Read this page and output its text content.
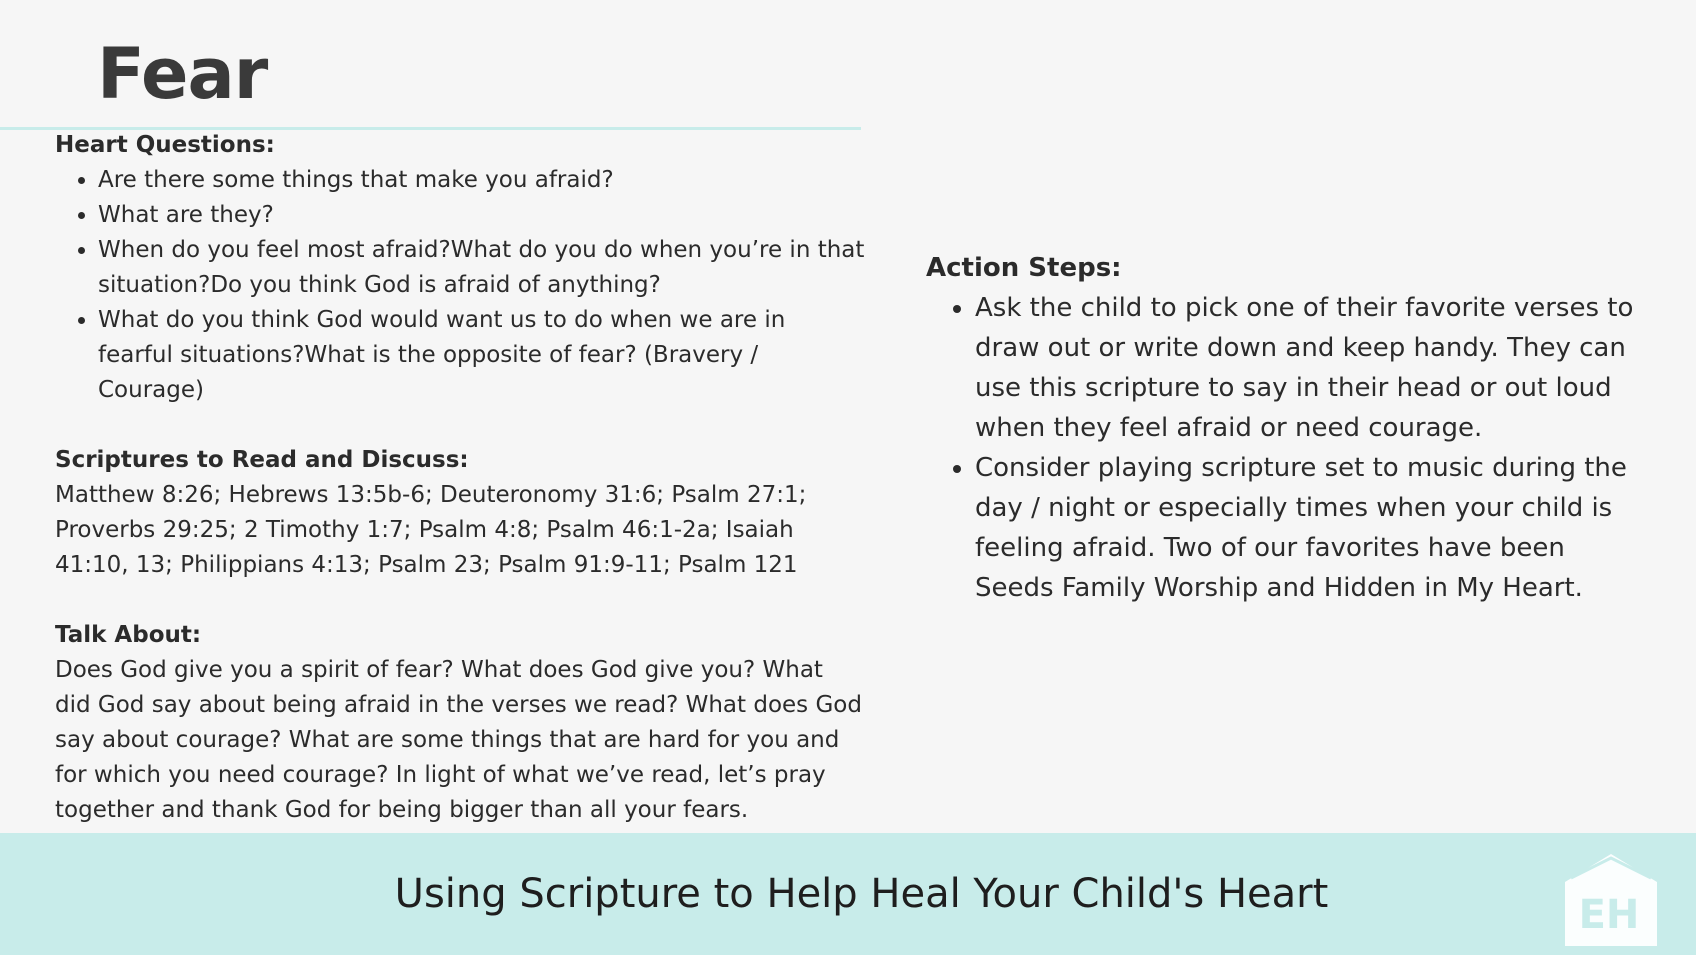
Fear

Heart Questions:

• Are there some things that make you afraid?
• What are they?
• When do you feel most afraid?What do you do when you’re in that situation?Do you think God is afraid of anything?
• What do you think God would want us to do when we are in fearful situations?What is the opposite of fear? (Bravery / Courage)

Scriptures to Read and Discuss:

Matthew 8:26; Hebrews 13:5b-6; Deuteronomy 31:6; Psalm 27:1; Proverbs 29:25; 2 Timothy 1:7; Psalm 4:8; Psalm 46:1-2a; Isaiah 41:10, 13; Philippians 4:13; Psalm 23; Psalm 91:9-11; Psalm 121

Talk About:

Does God give you a spirit of fear? What does God give you? What did God say about being afraid in the verses we read? What does God say about courage? What are some things that are hard for you and for which you need courage? In light of what we’ve read, let’s pray together and thank God for being bigger than all your fears.

Action Steps:

• Ask the child to pick one of their favorite verses to draw out or write down and keep handy. They can use this scripture to say in their head or out loud when they feel afraid or need courage.
• Consider playing scripture set to music during the day / night or especially times when your child is feeling afraid. Two of our favorites have been Seeds Family Worship and Hidden in My Heart.

Using Scripture to Help Heal Your Child's Heart	EH
